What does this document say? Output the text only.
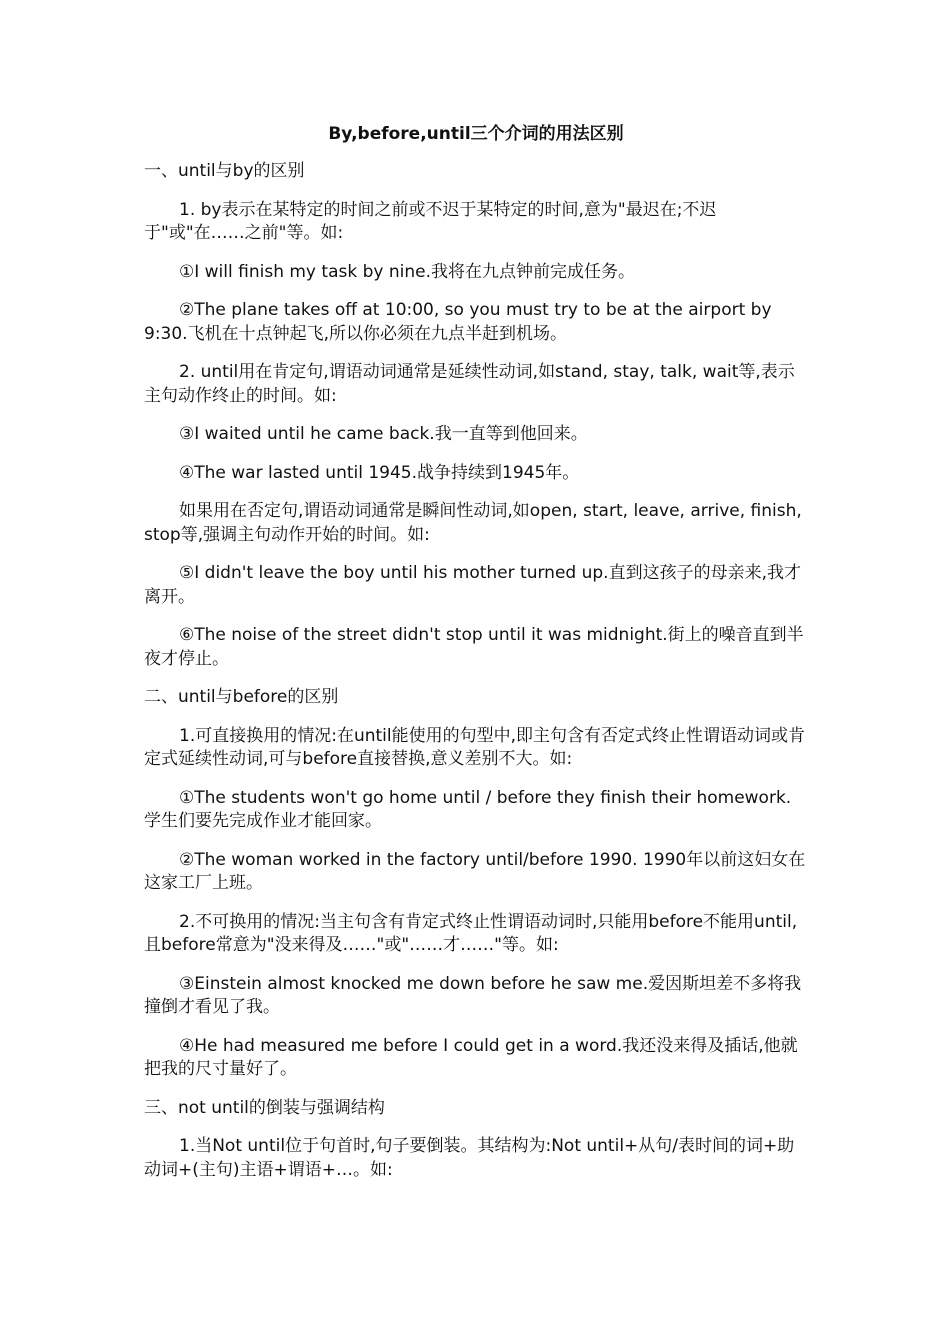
By,before,until三个介词的用法区别
一、until与by的区别
1. by表示在某特定的时间之前或不迟于某特定的时间,意为"最迟在;不迟于"或"在……之前"等。如:
①I will finish my task by nine.我将在九点钟前完成任务。
②The plane takes off at 10:00, so you must try to be at the airport by 9:30.飞机在十点钟起飞,所以你必须在九点半赶到机场。
2. until用在肯定句,谓语动词通常是延续性动词,如stand, stay, talk, wait等,表示主句动作终止的时间。如:
③I waited until he came back.我一直等到他回来。
④The war lasted until 1945.战争持续到1945年。
如果用在否定句,谓语动词通常是瞬间性动词,如open, start, leave, arrive, finish, stop等,强调主句动作开始的时间。如:
⑤I didn't leave the boy until his mother turned up.直到这孩子的母亲来,我才离开。
⑥The noise of the street didn't stop until it was midnight.街上的噪音直到半夜才停止。
二、until与before的区别
1.可直接换用的情况:在until能使用的句型中,即主句含有否定式终止性谓语动词或肯定式延续性动词,可与before直接替换,意义差别不大。如:
①The students won't go home until / before they finish their homework.学生们要先完成作业才能回家。
②The woman worked in the factory until/before 1990. 1990年以前这妇女在这家工厂上班。
2.不可换用的情况:当主句含有肯定式终止性谓语动词时,只能用before不能用until,且before常意为"没来得及……"或"……才……"等。如:
③Einstein almost knocked me down before he saw me.爱因斯坦差不多将我撞倒才看见了我。
④He had measured me before I could get in a word.我还没来得及插话,他就把我的尺寸量好了。
三、not until的倒装与强调结构
1.当Not until位于句首时,句子要倒装。其结构为:Not until+从句/表时间的词+助动词+(主句)主语+谓语+…。如:
